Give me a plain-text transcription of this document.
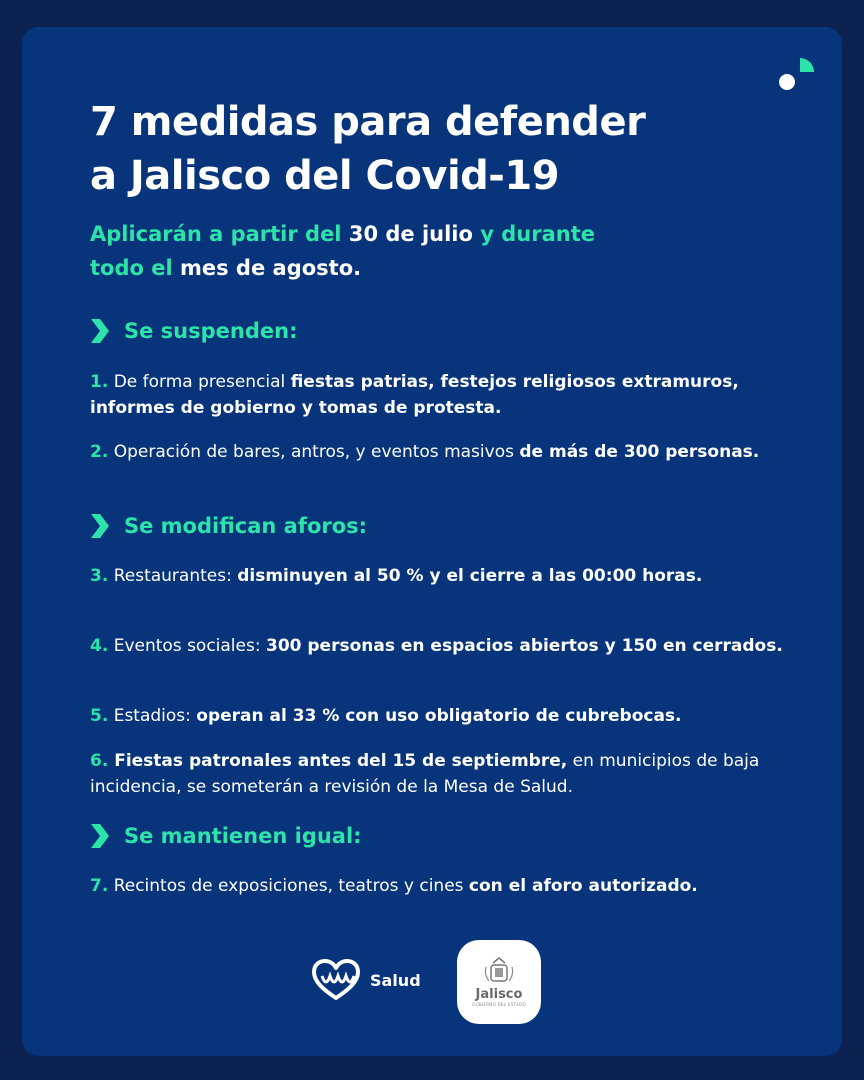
7 medidas para defender
a Jalisco del Covid-19

Aplicarán a partir del 30 de julio y durante
todo el mes de agosto.

Se suspenden:

1. De forma presencial fiestas patrias, festejos religiosos extramuros, informes de gobierno y tomas de protesta.

2. Operación de bares, antros, y eventos masivos de más de 300 personas.

Se modifican aforos:

3. Restaurantes: disminuyen al 50 % y el cierre a las 00:00 horas.

4. Eventos sociales: 300 personas en espacios abiertos y 150 en cerrados.

5. Estadios: operan al 33 % con uso obligatorio de cubrebocas.

6. Fiestas patronales antes del 15 de septiembre, en municipios de baja incidencia, se someterán a revisión de la Mesa de Salud.

Se mantienen igual:

7. Recintos de exposiciones, teatros y cines con el aforo autorizado.

Salud
Jalisco
GOBIERNO DEL ESTADO
